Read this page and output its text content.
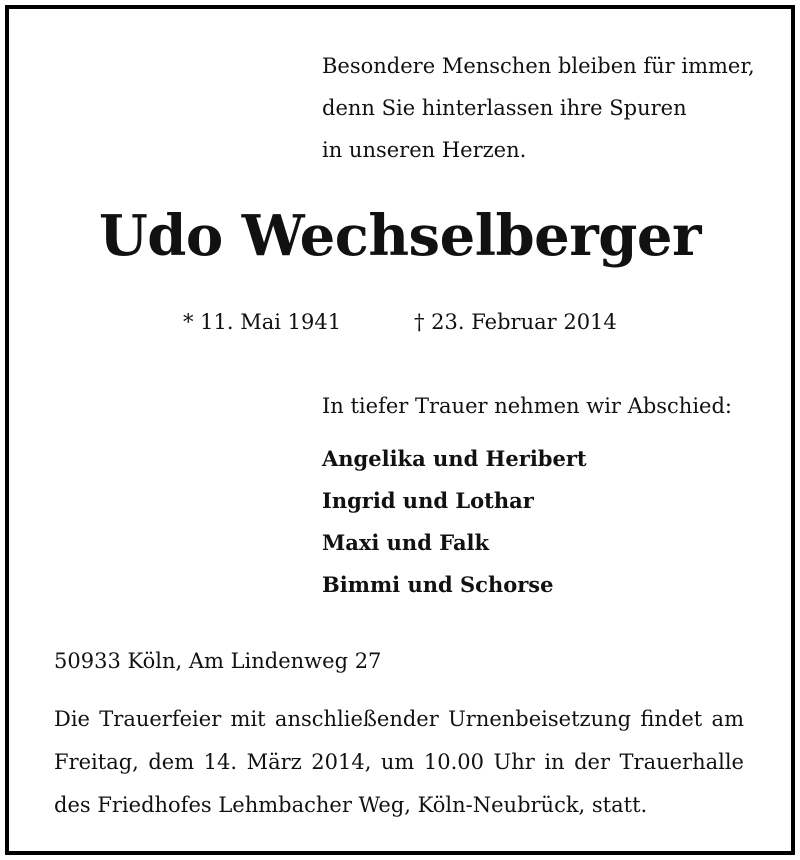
Besondere Menschen bleiben für immer,
denn Sie hinterlassen ihre Spuren
in unseren Herzen.
Udo Wechselberger
* 11. Mai 1941	† 23. Februar 2014
In tiefer Trauer nehmen wir Abschied:
Angelika und Heribert
Ingrid und Lothar
Maxi und Falk
Bimmi und Schorse
50933 Köln, Am Lindenweg 27
Die Trauerfeier mit anschließender Urnenbeisetzung findet am Freitag, dem 14. März 2014, um 10.00 Uhr in der Trauerhalle des Friedhofes Lehmbacher Weg, Köln-Neubrück, statt.
